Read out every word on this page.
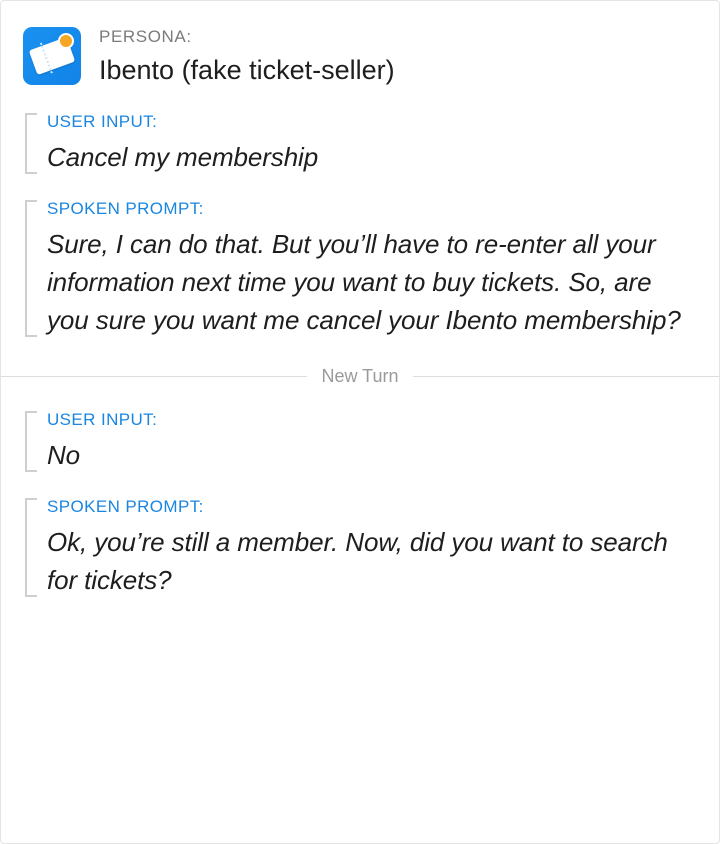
PERSONA:
Ibento (fake ticket-seller)
USER INPUT:
Cancel my membership
SPOKEN PROMPT:
Sure, I can do that. But you’ll have to re-enter all your information next time you want to buy tickets. So, are you sure you want me cancel your Ibento membership?
New Turn
USER INPUT:
No
SPOKEN PROMPT:
Ok, you’re still a member. Now, did you want to search for tickets?
